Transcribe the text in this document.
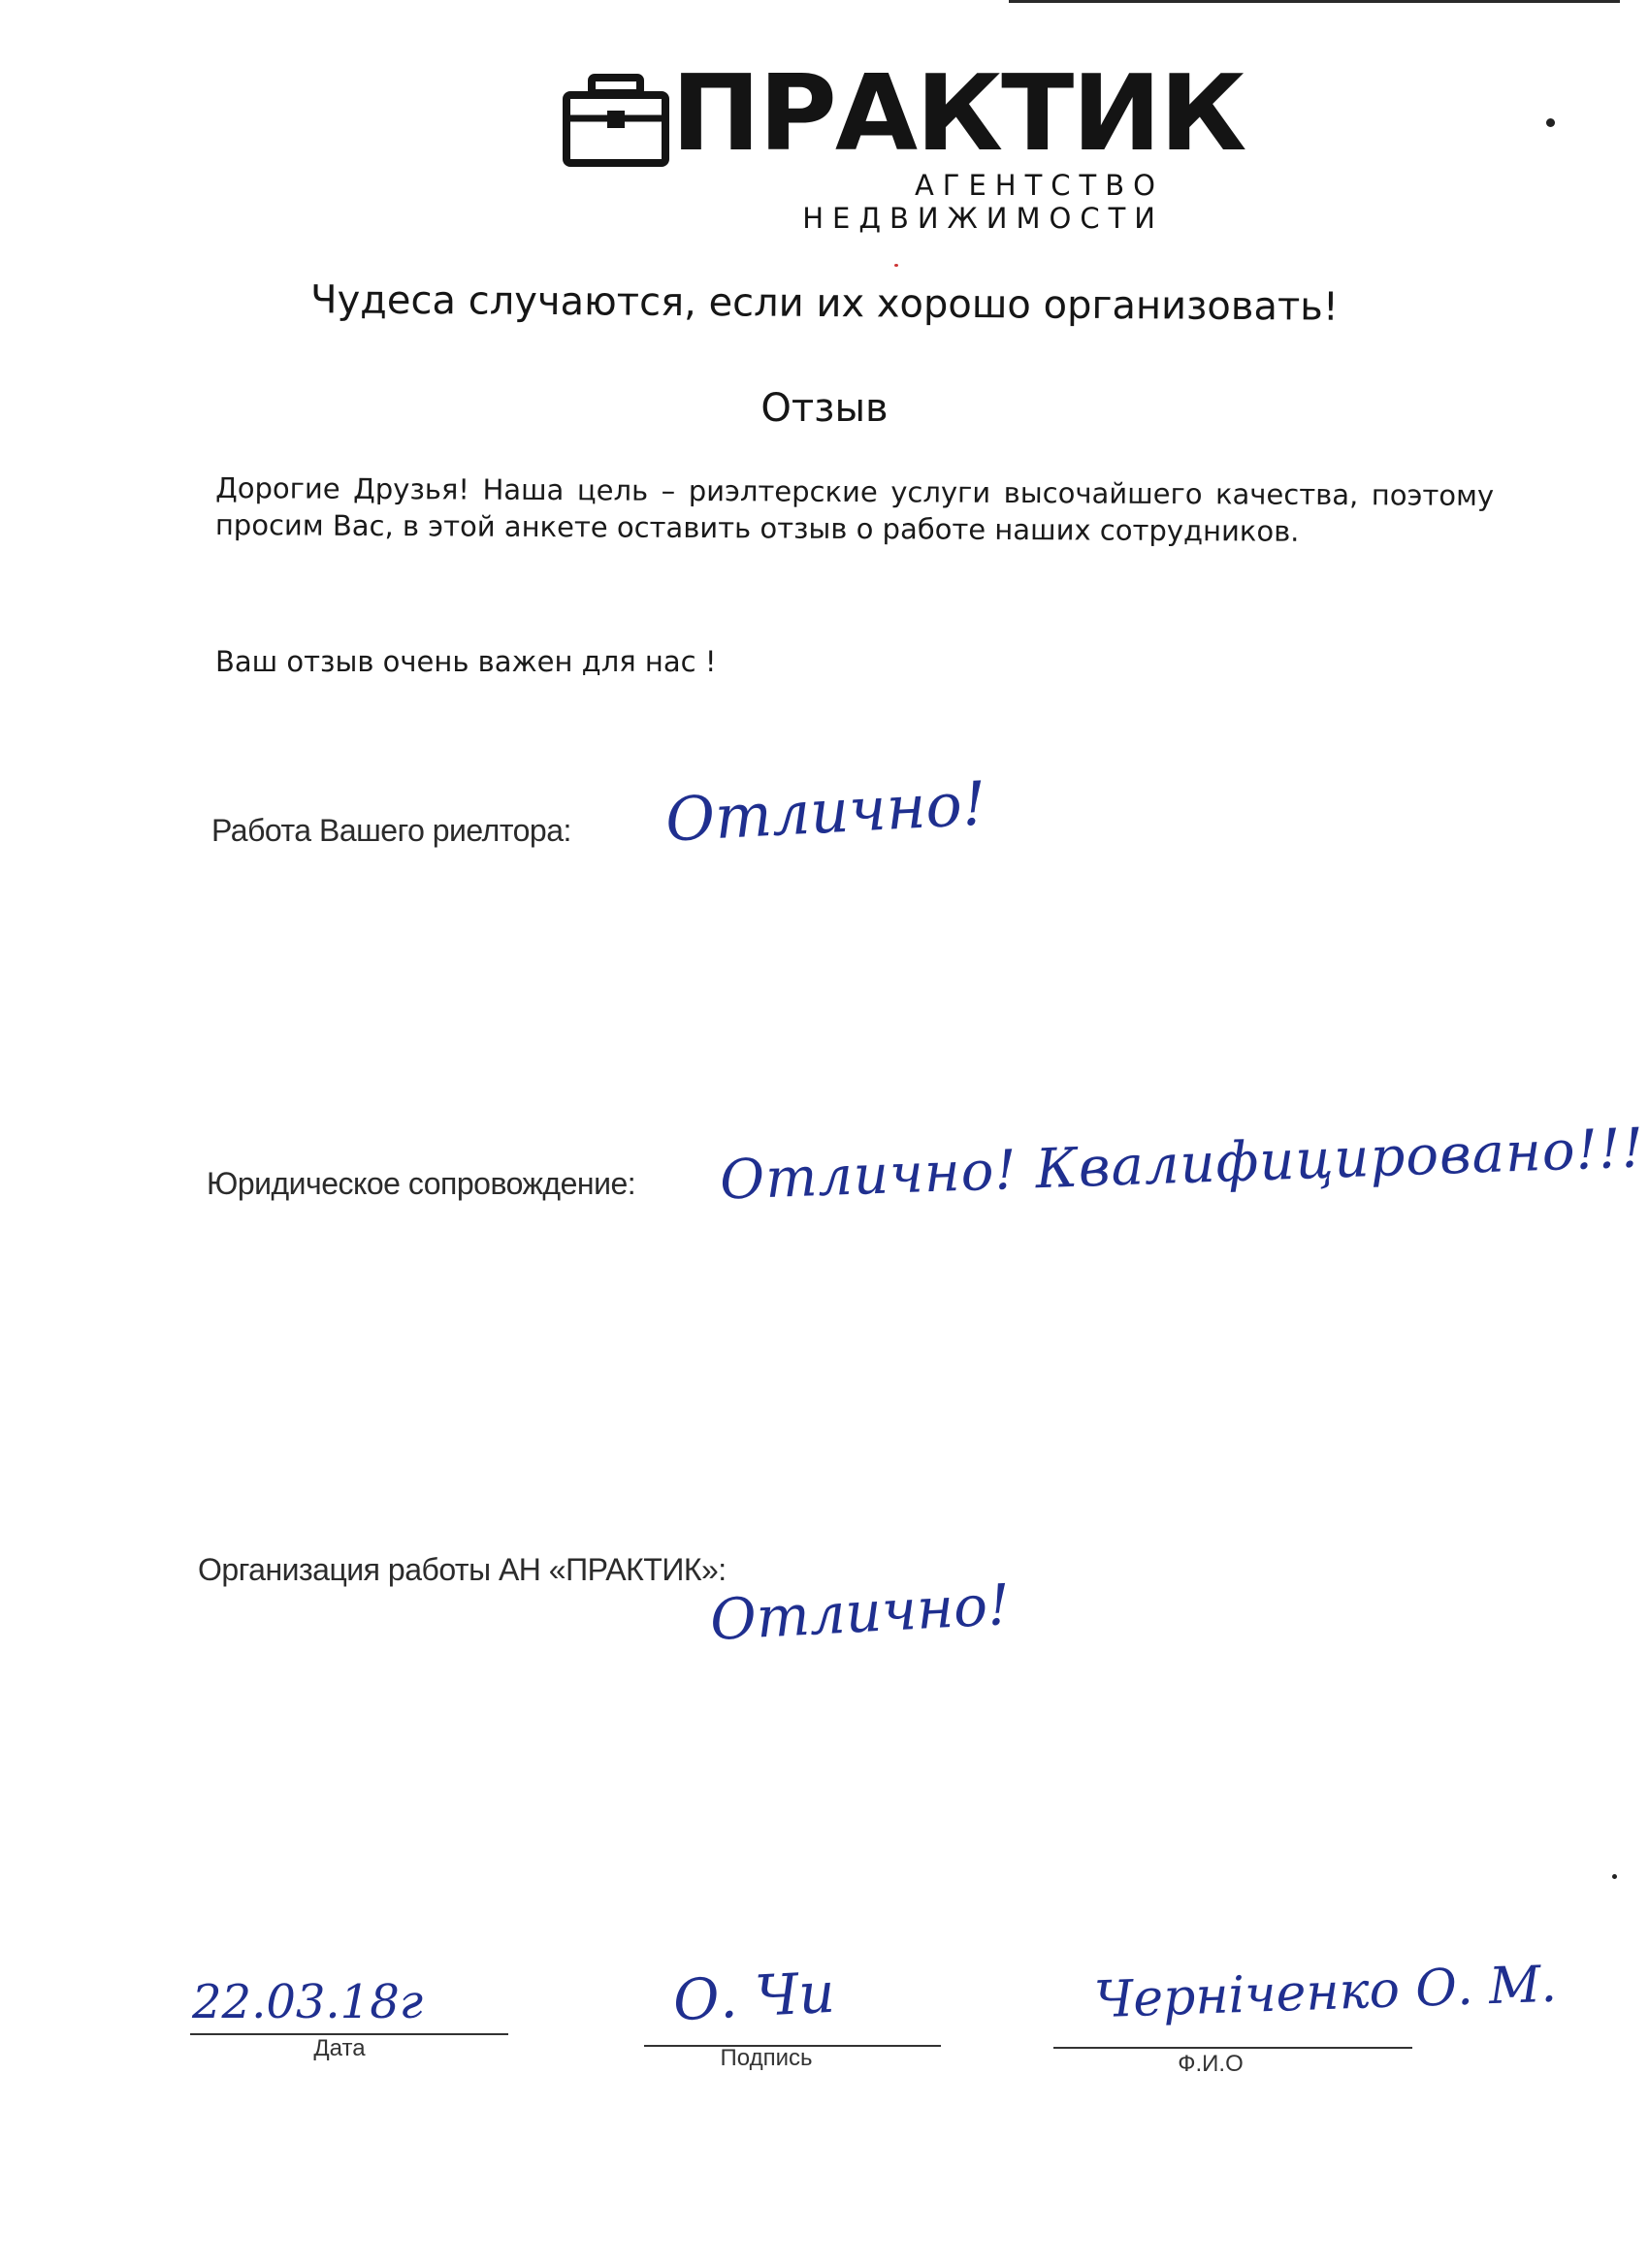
ПРАКТИК
АГЕНТСТВО НЕДВИЖИМОСТИ
Чудеса случаются, если их хорошо организовать!
Отзыв
Дорогие Друзья! Наша цель – риэлтерские услуги высочайшего качества, поэтому просим Вас, в этой анкете оставить отзыв о работе наших сотрудников.
Ваш отзыв очень важен для нас !
Работа Вашего риелтора: Отлично!
Юридическое сопровождение: Отлично! Квалифицировано!!!
Организация работы АН «ПРАКТИК»:
Отлично!
22.03.18г
Дата
О. Чи
Подпись
Черніченко О. М.
Ф.И.О
